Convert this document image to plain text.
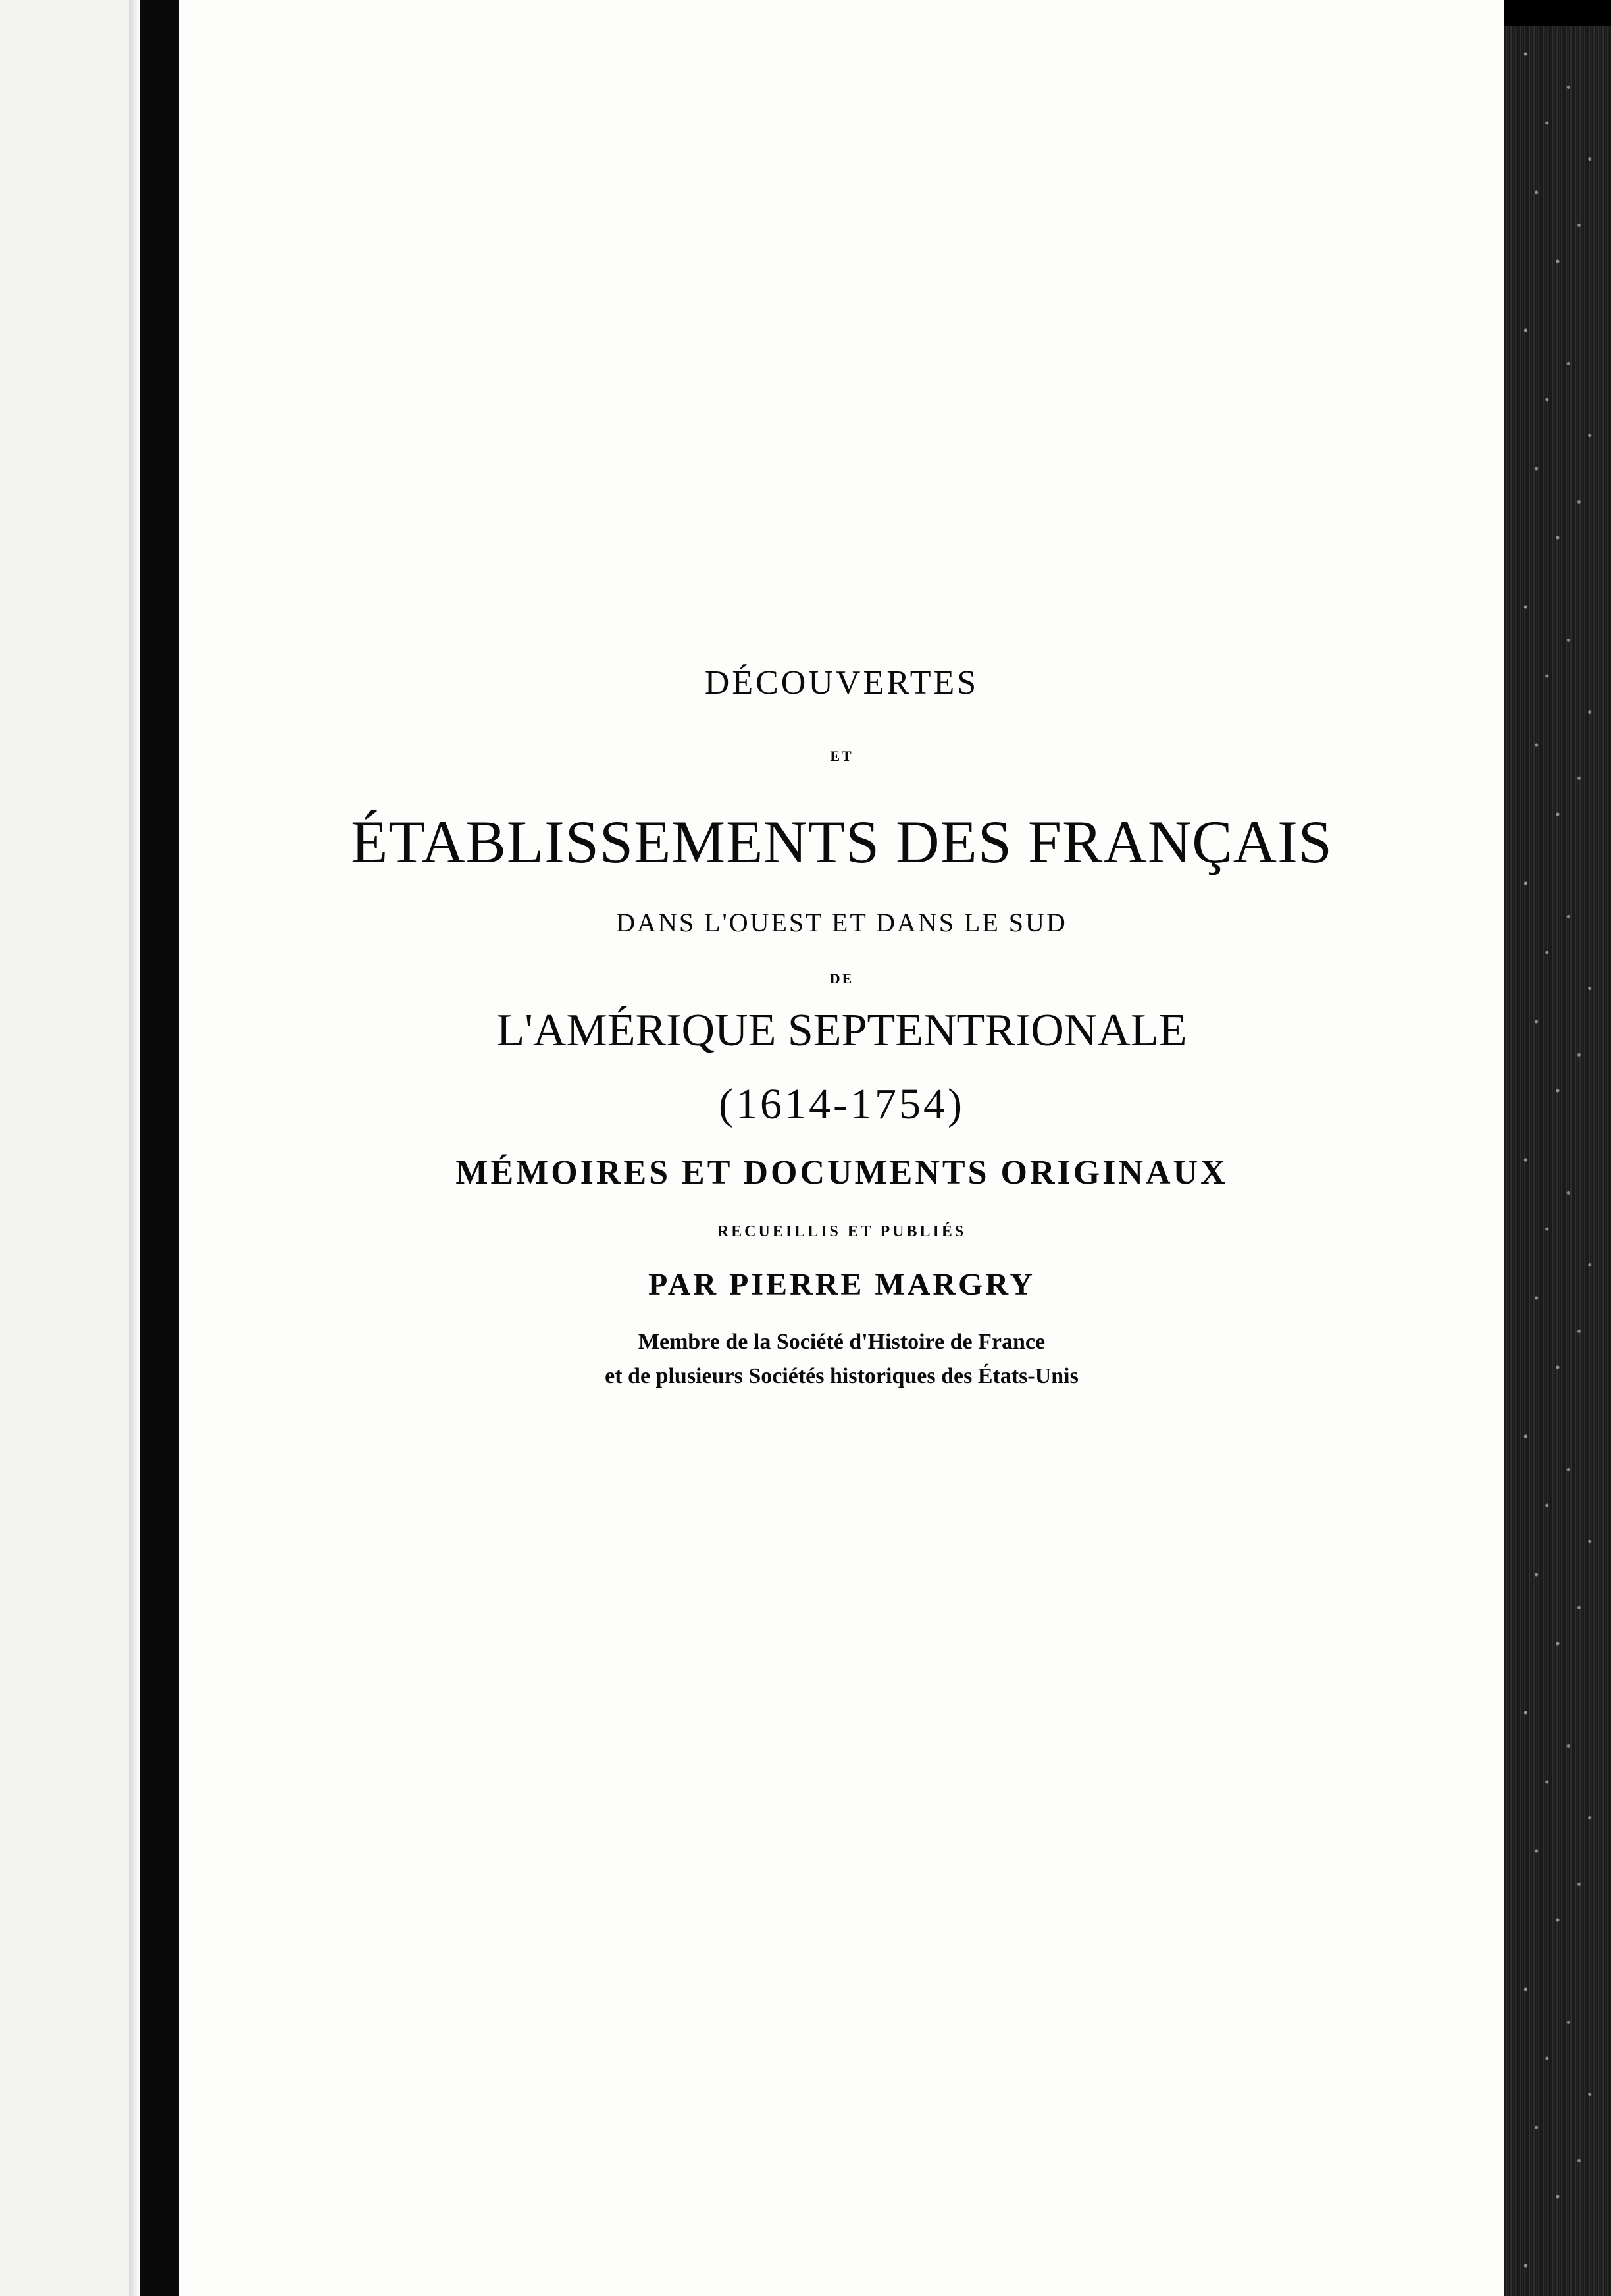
DÉCOUVERTES
ET
ÉTABLISSEMENTS DES FRANÇAIS
DANS L'OUEST ET DANS LE SUD
DE
L'AMÉRIQUE SEPTENTRIONALE
(1614-1754)
MÉMOIRES ET DOCUMENTS ORIGINAUX
RECUEILLIS ET PUBLIÉS
PAR PIERRE MARGRY
Membre de la Société d'Histoire de France
et de plusieurs Sociétés historiques des États-Unis
